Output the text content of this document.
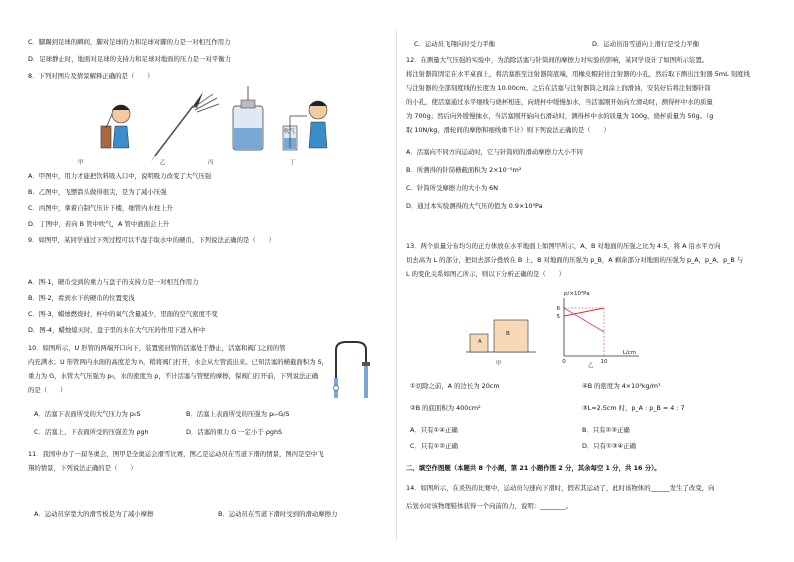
C．脚踢到足球的瞬间，脚对足球的力和足球对脚的力是一对相互作用力
D．足球静止时，地面对足球的支持力和足球对地面的压力是一对平衡力
8．下列对图片及情景解释正确的是（　　）
甲	乙	丙	丁
吹气
A．甲图中，用力才能把饮料吸入口中，说明吸力改变了大气压强
B．乙图中，飞镖箭头做得很尖，是为了减小压强
C．丙图中，拿着自制气压计下楼，细管内水柱上升
D．丁图中，若向 B 管中吹气，A 管中液面会上升
9．如图甲，某同学通过下列过程可以不湿手取水中的硬币，下列说法正确的是（　　）
A．图-1，硬币受到的重力与盘子的支持力是一对相互作用力
B．图-2，看到水下的硬币的位置变浅
C．图-3，蜡烛燃烧时，杯中的氧气含量减少，里面的空气密度不变
D．图-4，蜡烛熄灭时，盘子里的水在大气压的作用下进入杯中
10．如图所示，U 形管的两端开口向下，装置密封管的活塞处于静止，活塞和阀门之间的管
内充满水；U 形管两内水面的高度差为 h，稍将阀门打开，水会从左管流出来。已知活塞的横截面积为 S，
重力为 G，水管大气压强为 p₀，水的密度为 ρ，不计活塞与管壁的摩擦，保阀门打开前，下列说法正确
的是（　　）
A．活塞下表面所受的大气压力为 p₀S	B．活塞上表面所受的压强为 p₀-G/S
C．活塞上、下表面所受的压强差为 ρgh	D．活塞的重力 G 一定小于 ρghS
11．我国申办了一届冬奥会，图甲是全奥运会滑雪比赛，图乙是运动员在雪道下滑的情景，图丙是空中飞
翔的情景，下列说法正确的是（　　）
A．运动员穿宽大的滑雪板是为了减小摩擦	B．运动员在雪道下滑时受到的滑动摩擦力
C．运动员飞翔向时受力平衡	D．运动员沿雪道向上滑行是受力平衡
12．在测量大气压强的实验中，为消除活塞与针筒间的摩擦力对实验的影响，某同学设计了如图所示装置。
将注射器筒固定在水平桌面上，将活塞推至注射器筒底端，用橡皮帽封住注射器的小孔，然后取下测出注射器 5mL 刻度线
与注射器的全部刻度线的长度为 10.00cm。之后在活塞与注射器筒之间涂上润滑油，安装好后将注射器针筒
的小孔，使活塞通过水平细线与烧杯相连，向烧杯中缓慢加水，当活塞刚开始向左滑动时，测得杯中水的质量
为 700g；然后向外缓慢抽水，当活塞刚开始向右滑动时，测得杯中水的质量为 100g，烧杯质量为 50g。（g
取 10N/kg，滑轮间的摩擦和细线重不计）则下列说法正确的是（　　）
A．活塞向不同方向运动时，它与针筒间的滑动摩擦力大小不同
B．所测得的针筒横截面积为 2×10⁻⁵m²
C．针筒所受摩擦力的大小为 6N
D．通过本实验测得的大气压的值为 0.9×10⁵Pa
13．两个质量分布均匀的正方体放在水平地面上如图甲所示，A、B 对地面的压强之比为 4:5，将 A 沿水平方向
切去高为 L 的部分，把切去部分叠放在 B 上，B 对地面的压强为 p_B，A 剩余部分对地面的压强为 p_A，p_A、p_B 与
L 的变化关系如图乙所示，则以下分析正确的是（　　）
A
B
甲
6
5
0	10
L/cm
p/×10³Pa
乙
①切除之前，A 的边长为 20cm	④B 的密度为 4×10³kg/m³
②B 的底面积为 400cm²	③L=2.5cm 时，p_A : p_B = 4 : 7
A．只有①④正确	B．只有②③正确
C．只有①②正确	D．只有①③④正确
二、填空作图题（本题共 8 个小题，第 21 小题作图 2 分，其余每空 1 分，共 16 分）。
14．如图所示，在炎热的比赛中，运动员匀速向下滑时，假若其运动了，此时该物体的______发生了改变，向
后划水时该物理鞋体获得一个向前的力，说明：________。
